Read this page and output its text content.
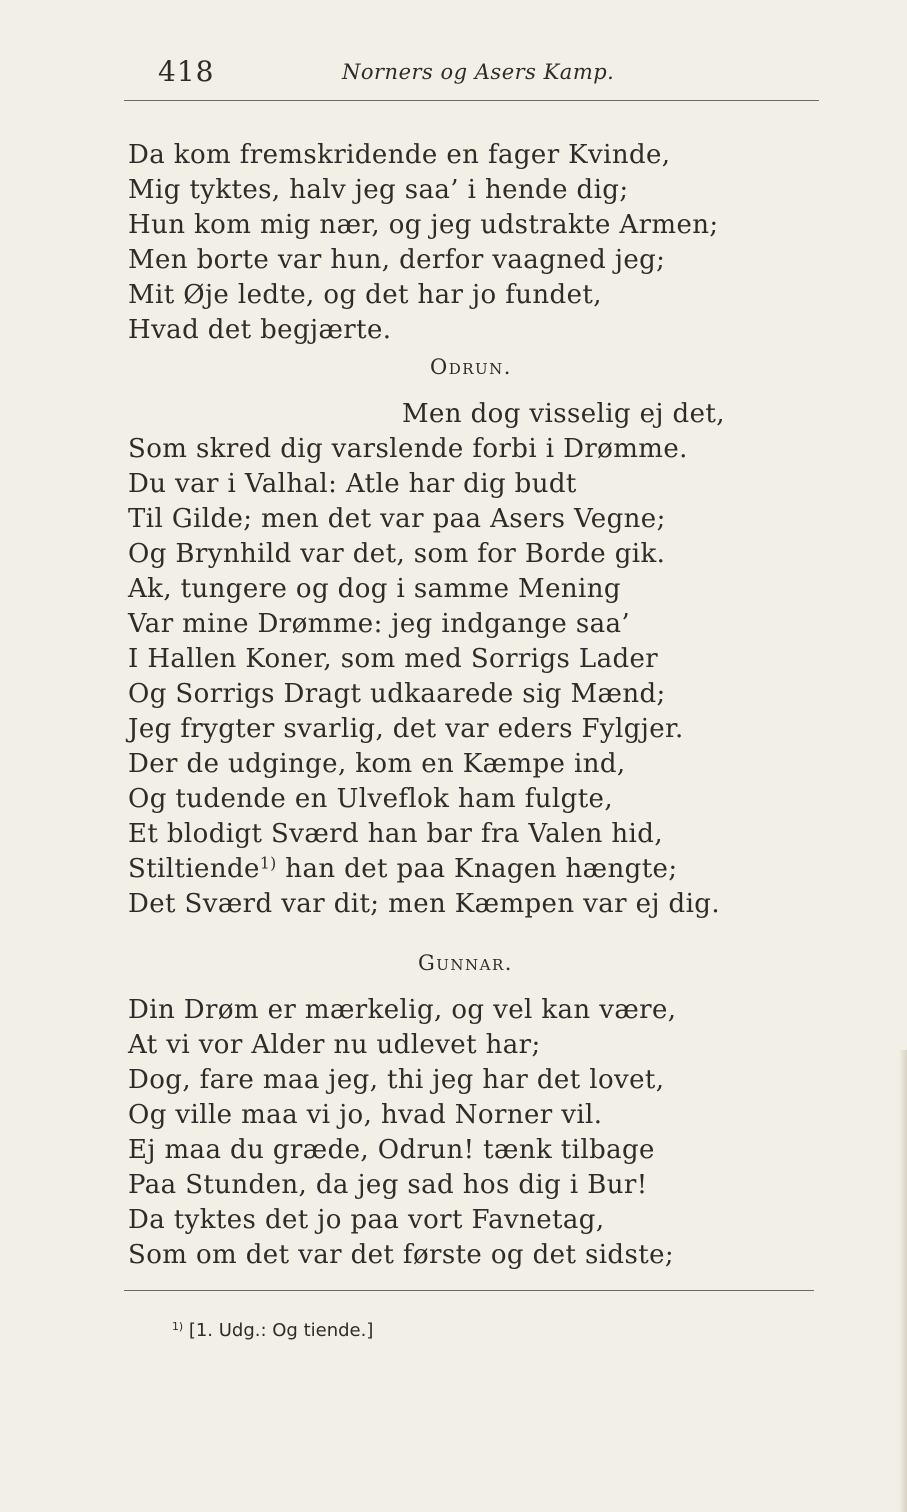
418	Norners og Asers Kamp.
Da kom fremskridende en fager Kvinde,
Mig tyktes, halv jeg saa’ i hende dig;
Hun kom mig nær, og jeg udstrakte Armen;
Men borte var hun, derfor vaagned jeg;
Mit Øje ledte, og det har jo fundet,
Hvad det begjærte.
Odrun.
Men dog visselig ej det,
Som skred dig varslende forbi i Drømme.
Du var i Valhal: Atle har dig budt
Til Gilde; men det var paa Asers Vegne;
Og Brynhild var det, som for Borde gik.
Ak, tungere og dog i samme Mening
Var mine Drømme: jeg indgange saa’
I Hallen Koner, som med Sorrigs Lader
Og Sorrigs Dragt udkaarede sig Mænd;
Jeg frygter svarlig, det var eders Fylgjer.
Der de udginge, kom en Kæmpe ind,
Og tudende en Ulveflok ham fulgte,
Et blodigt Sværd han bar fra Valen hid,
Stiltiende$^{1)}$ han det paa Knagen hængte;
Det Sværd var dit; men Kæmpen var ej dig.
Gunnar.
Din Drøm er mærkelig, og vel kan være,
At vi vor Alder nu udlevet har;
Dog, fare maa jeg, thi jeg har det lovet,
Og ville maa vi jo, hvad Norner vil.
Ej maa du græde, Odrun! tænk tilbage
Paa Stunden, da jeg sad hos dig i Bur!
Da tyktes det jo paa vort Favnetag,
Som om det var det første og det sidste;
$^{1)}$ [1. Udg.: Og tiende.]
